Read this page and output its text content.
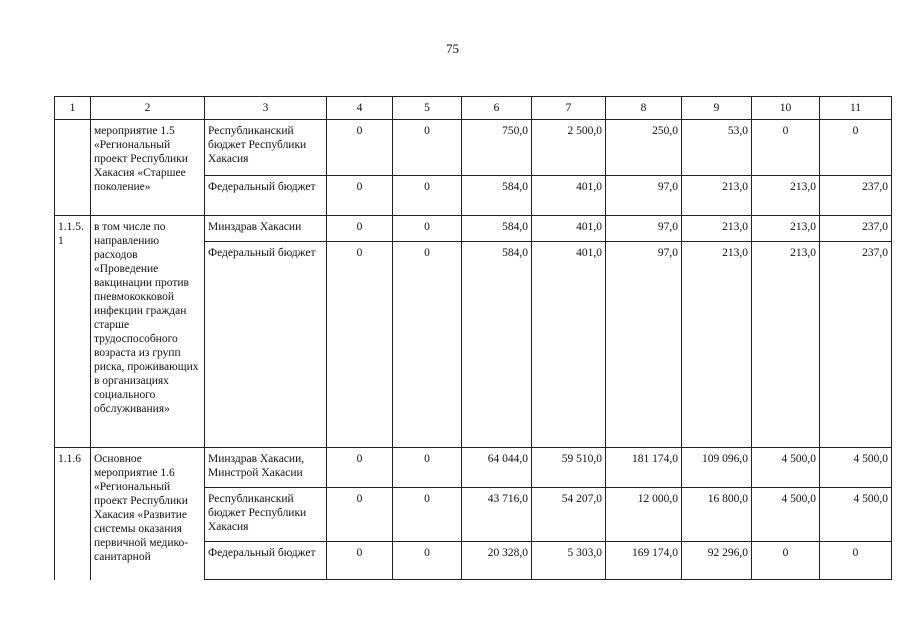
75
1	2	3	4	5	6	7	8	9	10	11
	мероприятие 1.5 «Региональный проект Республики Хакасия «Старшее поколение»	Республиканский бюджет Республики Хакасия	0	0	750,0	2 500,0	250,0	53,0	0	0
		Федеральный бюджет	0	0	584,0	401,0	97,0	213,0	213,0	237,0
1.1.5.1	в том числе по направлению расходов «Проведение вакцинации против пневмококковой инфекции граждан старше трудоспособного возраста из групп риска, проживающих в организациях социального обслуживания»	Минздрав Хакасии	0	0	584,0	401,0	97,0	213,0	213,0	237,0
		Федеральный бюджет	0	0	584,0	401,0	97,0	213,0	213,0	237,0
1.1.6	Основное мероприятие 1.6 «Региональный проект Республики Хакасия «Развитие системы оказания первичной медико-санитарной	Минздрав Хакасии, Минстрой Хакасии	0	0	64 044,0	59 510,0	181 174,0	109 096,0	4 500,0	4 500,0
		Республиканский бюджет Республики Хакасия	0	0	43 716,0	54 207,0	12 000,0	16 800,0	4 500,0	4 500,0
		Федеральный бюджет	0	0	20 328,0	5 303,0	169 174,0	92 296,0	0	0
